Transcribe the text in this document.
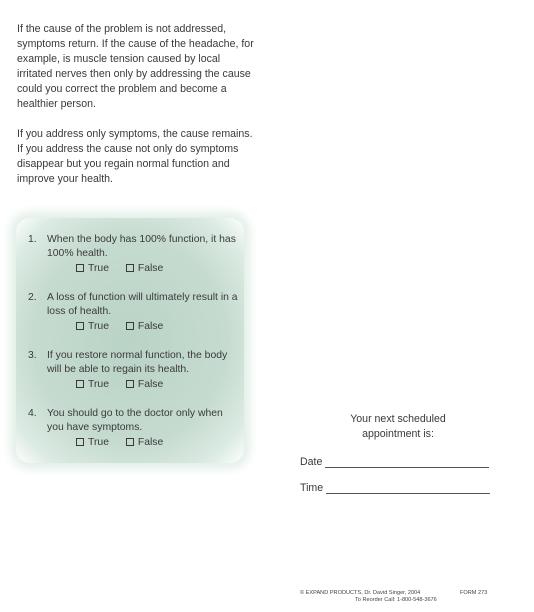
If the cause of the problem is not addressed, symptoms return. If the cause of the headache, for example, is muscle tension caused by local irritated nerves then only by addressing the cause could you correct the problem and become a healthier person.

If you address only symptoms, the cause remains. If you address the cause not only do symptoms disappear but you regain normal function and improve your health.

1. When the body has 100% function, it has 100% health.
True	False
2. A loss of function will ultimately result in a loss of health.
True	False
3. If you restore normal function, the body will be able to regain its health.
True	False
4. You should go to the doctor only when you have symptoms.
True	False
Your next scheduled
appointment is:
Date
Time
© EXPAND PRODUCTS, Dr. David Singer, 2004	FORM 273
To Reorder Call: 1-800-548-3676
